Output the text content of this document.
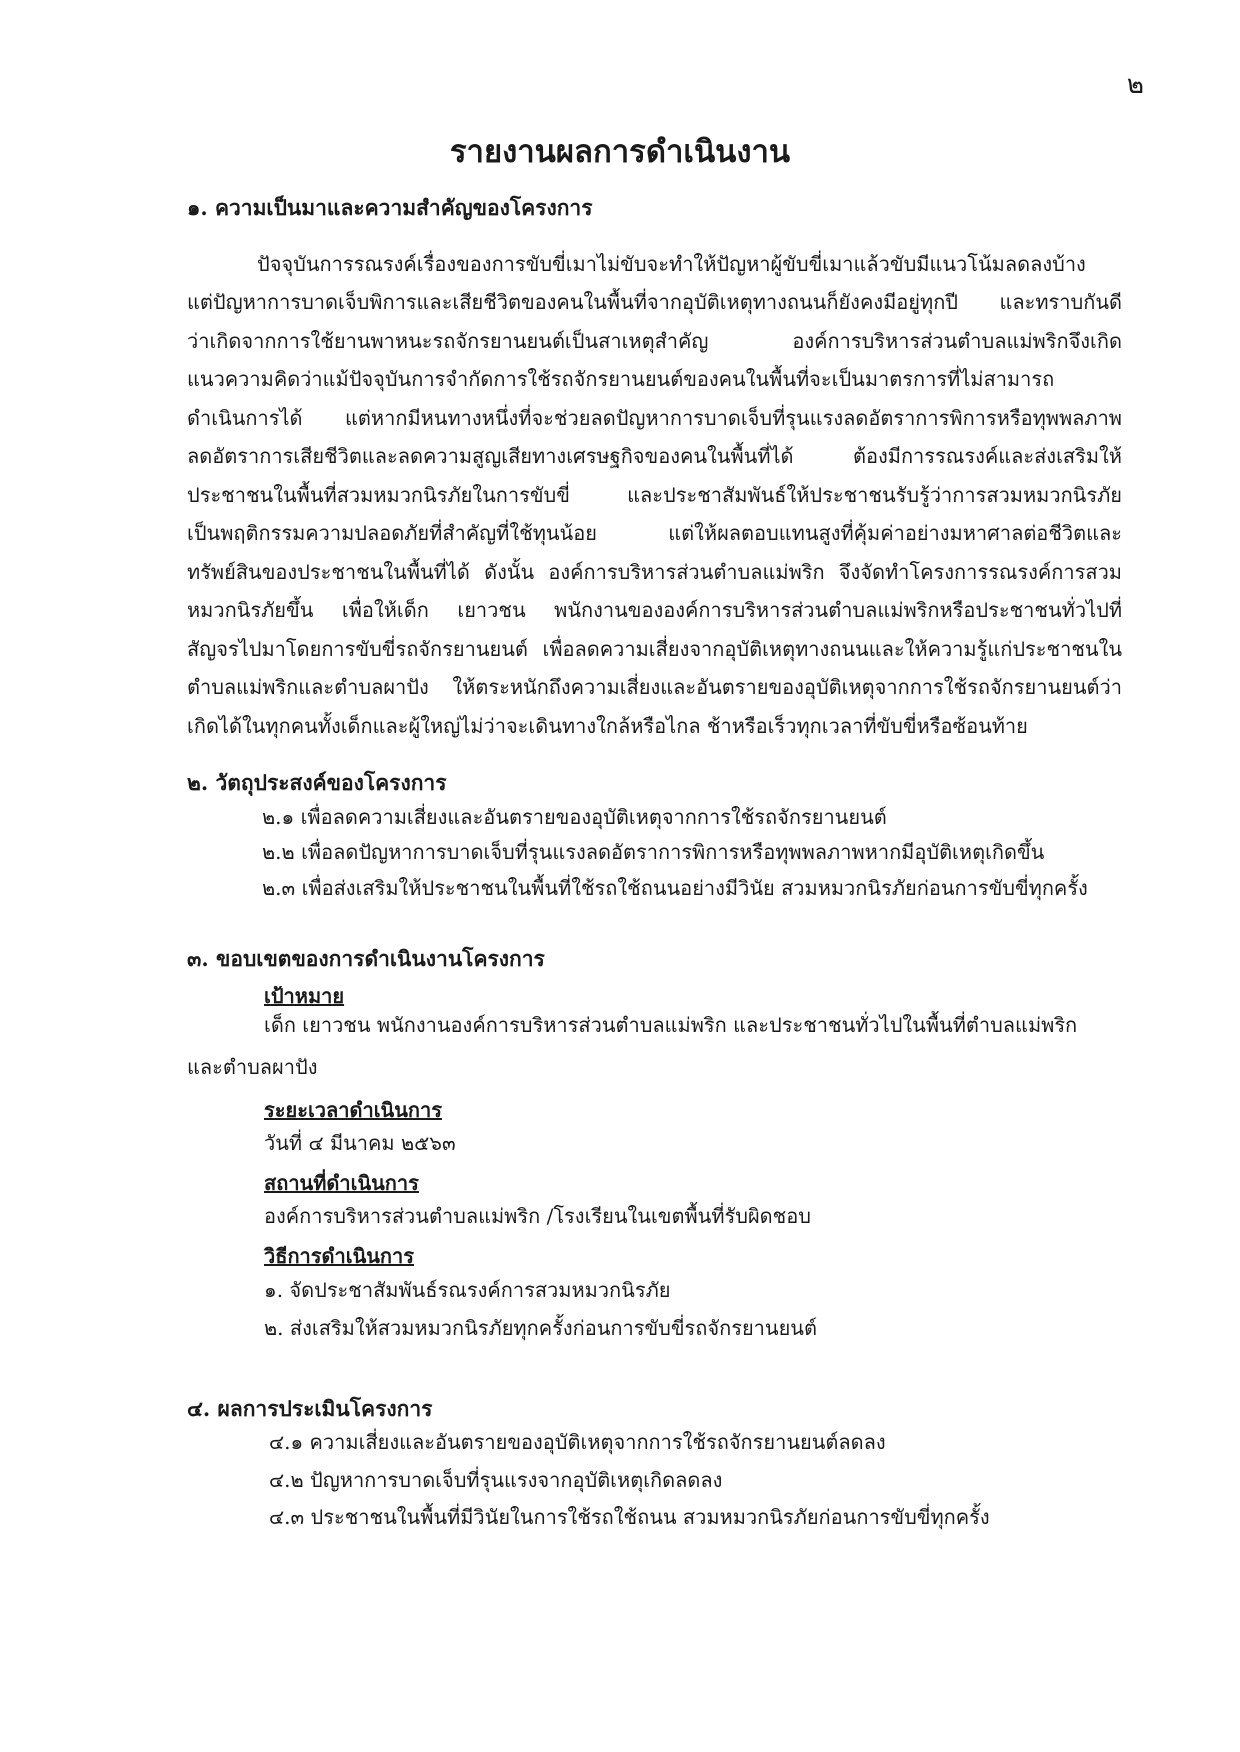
๒
รายงานผลการดำเนินงาน
๑. ความเป็นมาและความสำคัญของโครงการ

ปัจจุบันการรณรงค์เรื่องของการขับขี่เมาไม่ขับจะทำให้ปัญหาผู้ขับขี่เมาแล้วขับมีแนวโน้มลดลงบ้าง

แต่ปัญหาการบาดเจ็บพิการและเสียชีวิตของคนในพื้นที่จากอุบัติเหตุทางถนนก็ยังคงมีอยู่ทุกปี และทราบกันดี

ว่าเกิดจากการใช้ยานพาหนะรถจักรยานยนต์เป็นสาเหตุสำคัญ องค์การบริหารส่วนตำบลแม่พริกจึงเกิด

แนวความคิดว่าแม้ปัจจุบันการจำกัดการใช้รถจักรยานยนต์ของคนในพื้นที่จะเป็นมาตรการที่ไม่สามารถ

ดำเนินการได้ แต่หากมีหนทางหนึ่งที่จะช่วยลดปัญหาการบาดเจ็บที่รุนแรงลดอัตราการพิการหรือทุพพลภาพ

ลดอัตราการเสียชีวิตและลดความสูญเสียทางเศรษฐกิจของคนในพื้นที่ได้ ต้องมีการรณรงค์และส่งเสริมให้

ประชาชนในพื้นที่สวมหมวกนิรภัยในการขับขี่ และประชาสัมพันธ์ให้ประชาชนรับรู้ว่าการสวมหมวกนิรภัย

เป็นพฤติกรรมความปลอดภัยที่สำคัญที่ใช้ทุนน้อย แต่ให้ผลตอบแทนสูงที่คุ้มค่าอย่างมหาศาลต่อชีวิตและ

ทรัพย์สินของประชาชนในพื้นที่ได้ ดังนั้น องค์การบริหารส่วนตำบลแม่พริก จึงจัดทำโครงการรณรงค์การสวม

หมวกนิรภัยขึ้น เพื่อให้เด็ก เยาวชน พนักงานขององค์การบริหารส่วนตำบลแม่พริกหรือประชาชนทั่วไปที่

สัญจรไปมาโดยการขับขี่รถจักรยานยนต์ เพื่อลดความเสี่ยงจากอุบัติเหตุทางถนนและให้ความรู้แก่ประชาชนใน

ตำบลแม่พริกและตำบลผาปัง ให้ตระหนักถึงความเสี่ยงและอันตรายของอุบัติเหตุจากการใช้รถจักรยานยนต์ว่า

เกิดได้ในทุกคนทั้งเด็กและผู้ใหญ่ไม่ว่าจะเดินทางใกล้หรือไกล ช้าหรือเร็วทุกเวลาที่ขับขี่หรือซ้อนท้าย

๒. วัตถุประสงค์ของโครงการ

๒.๑ เพื่อลดความเสี่ยงและอันตรายของอุบัติเหตุจากการใช้รถจักรยานยนต์

๒.๒ เพื่อลดปัญหาการบาดเจ็บที่รุนแรงลดอัตราการพิการหรือทุพพลภาพหากมีอุบัติเหตุเกิดขึ้น

๒.๓ เพื่อส่งเสริมให้ประชาชนในพื้นที่ใช้รถใช้ถนนอย่างมีวินัย สวมหมวกนิรภัยก่อนการขับขี่ทุกครั้ง

๓. ขอบเขตของการดำเนินงานโครงการ

เป้าหมาย

เด็ก เยาวชน พนักงานองค์การบริหารส่วนตำบลแม่พริก และประชาชนทั่วไปในพื้นที่ตำบลแม่พริก

และตำบลผาปัง

ระยะเวลาดำเนินการ

วันที่ ๔ มีนาคม ๒๕๖๓

สถานที่ดำเนินการ

องค์การบริหารส่วนตำบลแม่พริก /โรงเรียนในเขตพื้นที่รับผิดชอบ

วิธีการดำเนินการ

๑. จัดประชาสัมพันธ์รณรงค์การสวมหมวกนิรภัย

๒. ส่งเสริมให้สวมหมวกนิรภัยทุกครั้งก่อนการขับขี่รถจักรยานยนต์

๔. ผลการประเมินโครงการ

๔.๑ ความเสี่ยงและอันตรายของอุบัติเหตุจากการใช้รถจักรยานยนต์ลดลง

๔.๒ ปัญหาการบาดเจ็บที่รุนแรงจากอุบัติเหตุเกิดลดลง

๔.๓ ประชาชนในพื้นที่มีวินัยในการใช้รถใช้ถนน สวมหมวกนิรภัยก่อนการขับขี่ทุกครั้ง
